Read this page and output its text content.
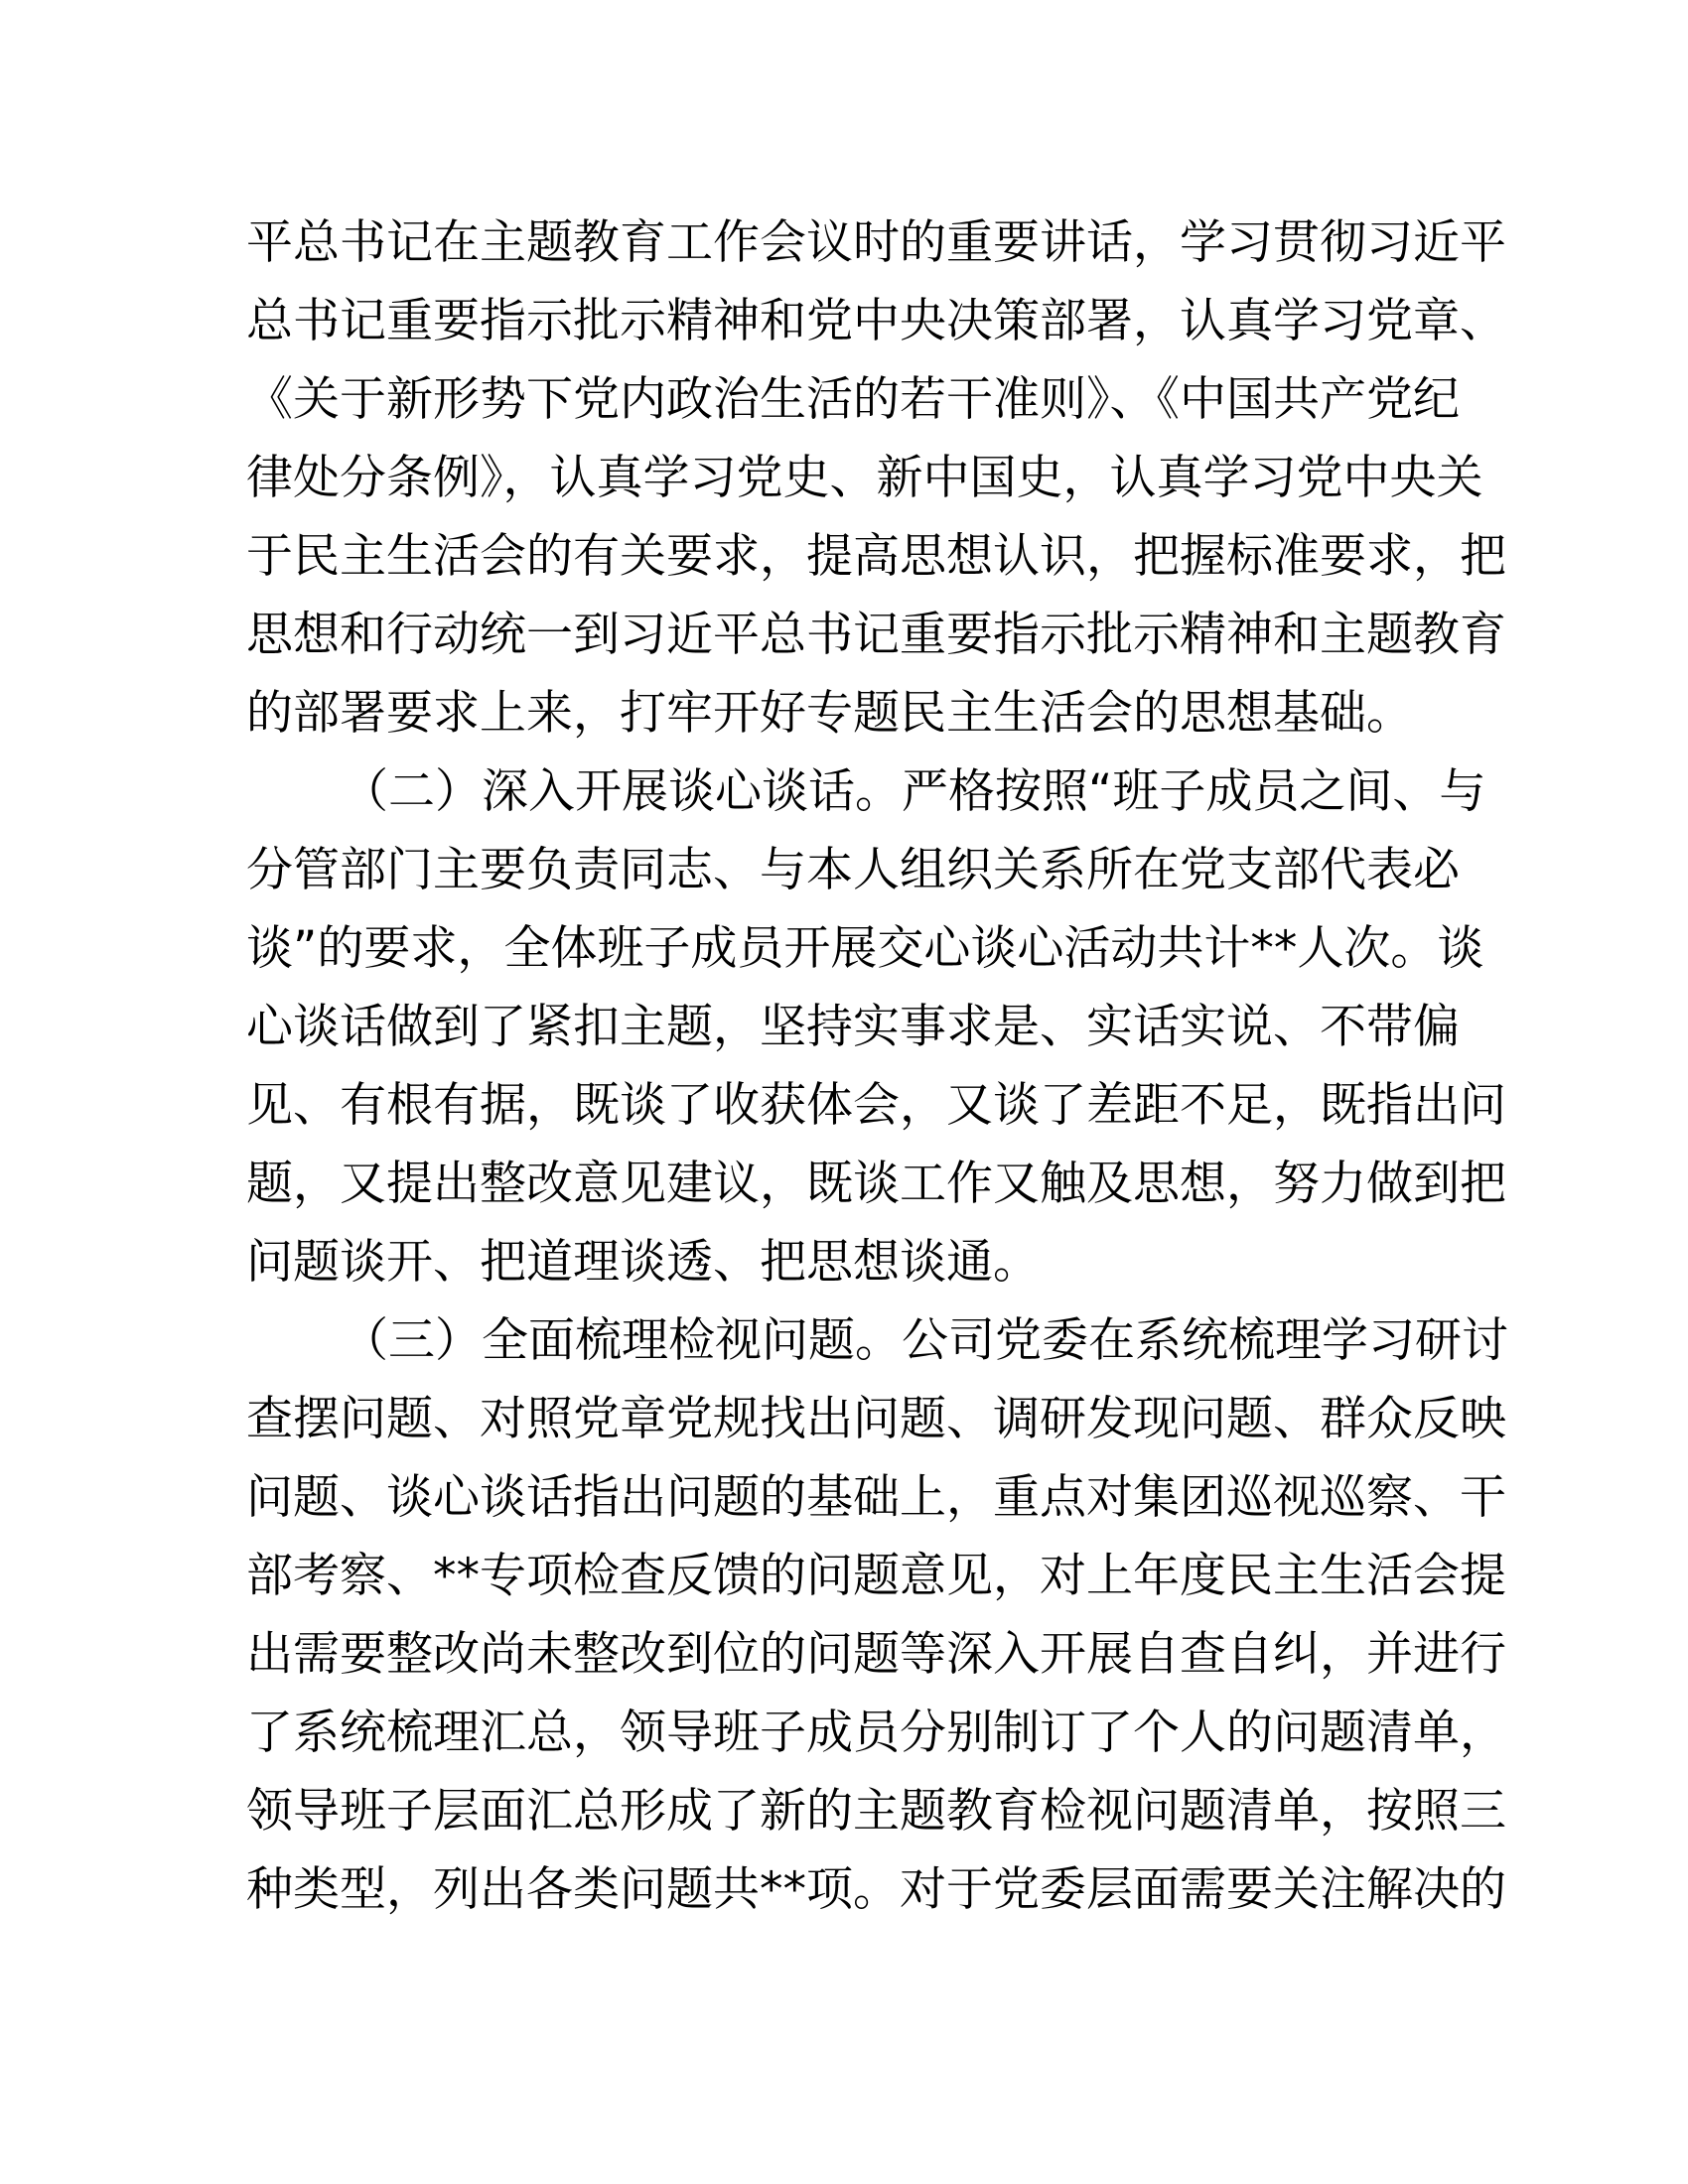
平总书记在主题教育工作会议时的重要讲话，学习贯彻习近平
总书记重要指示批示精神和党中央决策部署，认真学习党章、
《关于新形势下党内政治生活的若干准则》、《中国共产党纪
律处分条例》，认真学习党史、新中国史，认真学习党中央关
于民主生活会的有关要求，提高思想认识，把握标准要求，把
思想和行动统一到习近平总书记重要指示批示精神和主题教育
的部署要求上来，打牢开好专题民主生活会的思想基础。
（二）深入开展谈心谈话。严格按照“班子成员之间、与
分管部门主要负责同志、与本人组织关系所在党支部代表必
谈”的要求，全体班子成员开展交心谈心活动共计**人次。谈
心谈话做到了紧扣主题，坚持实事求是、实话实说、不带偏
见、有根有据，既谈了收获体会，又谈了差距不足，既指出问
题，又提出整改意见建议，既谈工作又触及思想，努力做到把
问题谈开、把道理谈透、把思想谈通。
（三）全面梳理检视问题。公司党委在系统梳理学习研讨
查摆问题、对照党章党规找出问题、调研发现问题、群众反映
问题、谈心谈话指出问题的基础上，重点对集团巡视巡察、干
部考察、**专项检查反馈的问题意见，对上年度民主生活会提
出需要整改尚未整改到位的问题等深入开展自查自纠，并进行
了系统梳理汇总，领导班子成员分别制订了个人的问题清单，
领导班子层面汇总形成了新的主题教育检视问题清单，按照三
种类型，列出各类问题共**项。对于党委层面需要关注解决的
